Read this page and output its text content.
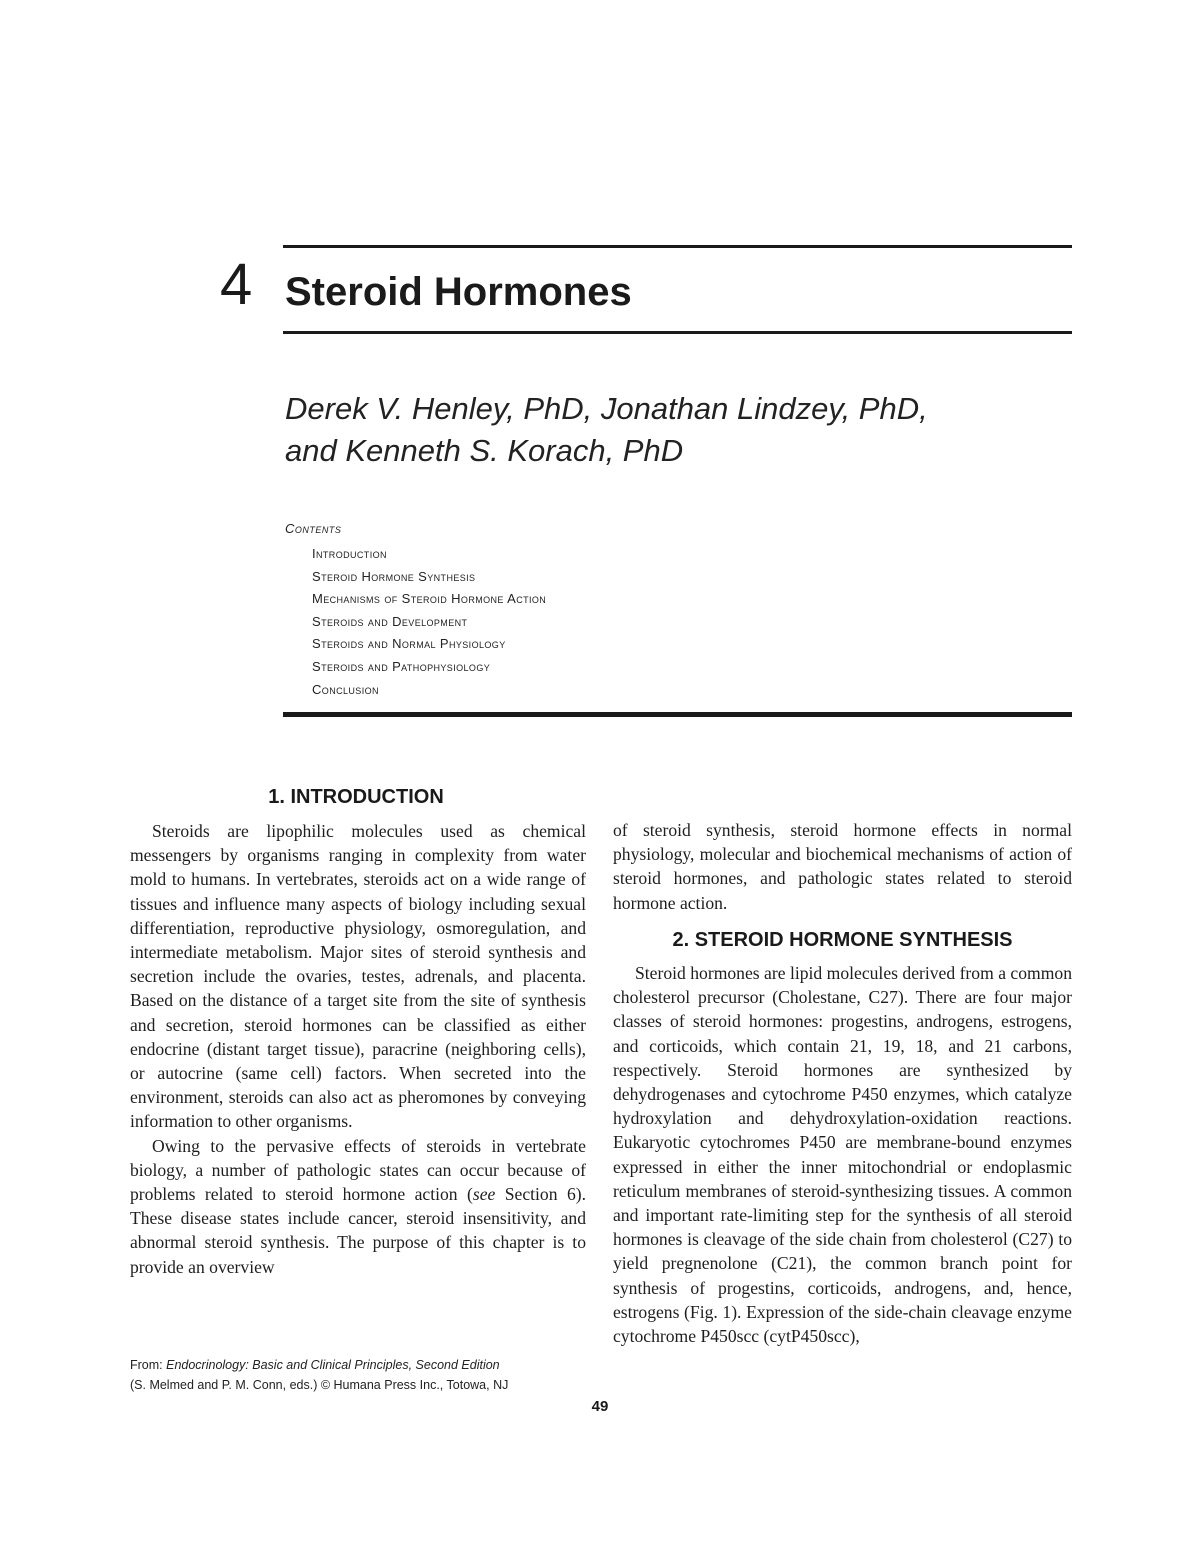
4 Steroid Hormones
Derek V. Henley, PhD, Jonathan Lindzey, PhD,
and Kenneth S. Korach, PhD
Contents
Introduction
Steroid Hormone Synthesis
Mechanisms of Steroid Hormone Action
Steroids and Development
Steroids and Normal Physiology
Steroids and Pathophysiology
Conclusion
1. INTRODUCTION

Steroids are lipophilic molecules used as chemical messengers by organisms ranging in complexity from water mold to humans. In vertebrates, steroids act on a wide range of tissues and influence many aspects of biology including sexual differentiation, reproductive physiology, osmoregulation, and intermediate metabolism. Major sites of steroid synthesis and secretion include the ovaries, testes, adrenals, and placenta. Based on the distance of a target site from the site of synthesis and secretion, steroid hormones can be classified as either endocrine (distant target tissue), paracrine (neighboring cells), or autocrine (same cell) factors. When secreted into the environment, steroids can also act as pheromones by conveying information to other organisms.

Owing to the pervasive effects of steroids in vertebrate biology, a number of pathologic states can occur because of problems related to steroid hormone action (see Section 6). These disease states include cancer, steroid insensitivity, and abnormal steroid synthesis. The purpose of this chapter is to provide an overview

of steroid synthesis, steroid hormone effects in normal physiology, molecular and biochemical mechanisms of action of steroid hormones, and pathologic states related to steroid hormone action.

2. STEROID HORMONE SYNTHESIS

Steroid hormones are lipid molecules derived from a common cholesterol precursor (Cholestane, C27). There are four major classes of steroid hormones: progestins, androgens, estrogens, and corticoids, which contain 21, 19, 18, and 21 carbons, respectively. Steroid hormones are synthesized by dehydrogenases and cytochrome P450 enzymes, which catalyze hydroxylation and dehydroxylation-oxidation reactions. Eukaryotic cytochromes P450 are membrane-bound enzymes expressed in either the inner mitochondrial or endoplasmic reticulum membranes of steroid-synthesizing tissues. A common and important rate-limiting step for the synthesis of all steroid hormones is cleavage of the side chain from cholesterol (C27) to yield pregnenolone (C21), the common branch point for synthesis of progestins, corticoids, androgens, and, hence, estrogens (Fig. 1). Expression of the side-chain cleavage enzyme cytochrome P450scc (cytP450scc),

From: Endocrinology: Basic and Clinical Principles, Second Edition
(S. Melmed and P. M. Conn, eds.) © Humana Press Inc., Totowa, NJ
49
